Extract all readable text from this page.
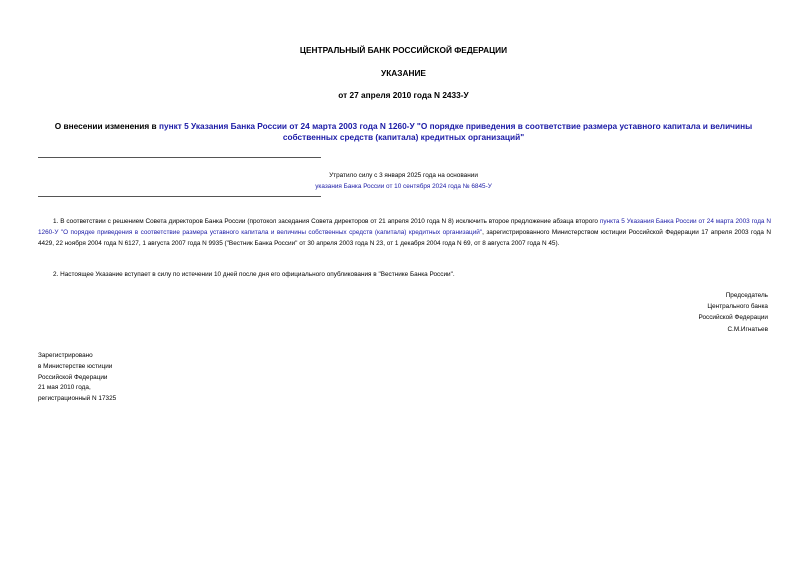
ЦЕНТРАЛЬНЫЙ БАНК РОССИЙСКОЙ ФЕДЕРАЦИИ
УКАЗАНИЕ
от 27 апреля 2010 года N 2433-У
О внесении изменения в пункт 5 Указания Банка России от 24 марта 2003 года N 1260-У "О порядке приведения в соответствие размера уставного капитала и величины собственных средств (капитала) кредитных организаций"
Утратило силу с 3 января 2025 года на основании
указания Банка России от 10 сентября 2024 года № 6845-У
1. В соответствии с решением Совета директоров Банка России (протокол заседания Совета директоров от 21 апреля 2010 года N 8) исключить второе предложение абзаца второго пункта 5 Указания Банка России от 24 марта 2003 года N 1260-У "О порядке приведения в соответствие размера уставного капитала и величины собственных средств (капитала) кредитных организаций", зарегистрированного Министерством юстиции Российской Федерации 17 апреля 2003 года N 4429, 22 ноября 2004 года N 6127, 1 августа 2007 года N 9935 ("Вестник Банка России" от 30 апреля 2003 года N 23, от 1 декабря 2004 года N 69, от 8 августа 2007 года N 45).
2. Настоящее Указание вступает в силу по истечении 10 дней после дня его официального опубликования в "Вестнике Банка России".
Председатель
Центрального банка
Российской Федерации
С.М.Игнатьев
Зарегистрировано
в Министерстве юстиции
Российской Федерации
21 мая 2010 года,
регистрационный N 17325
